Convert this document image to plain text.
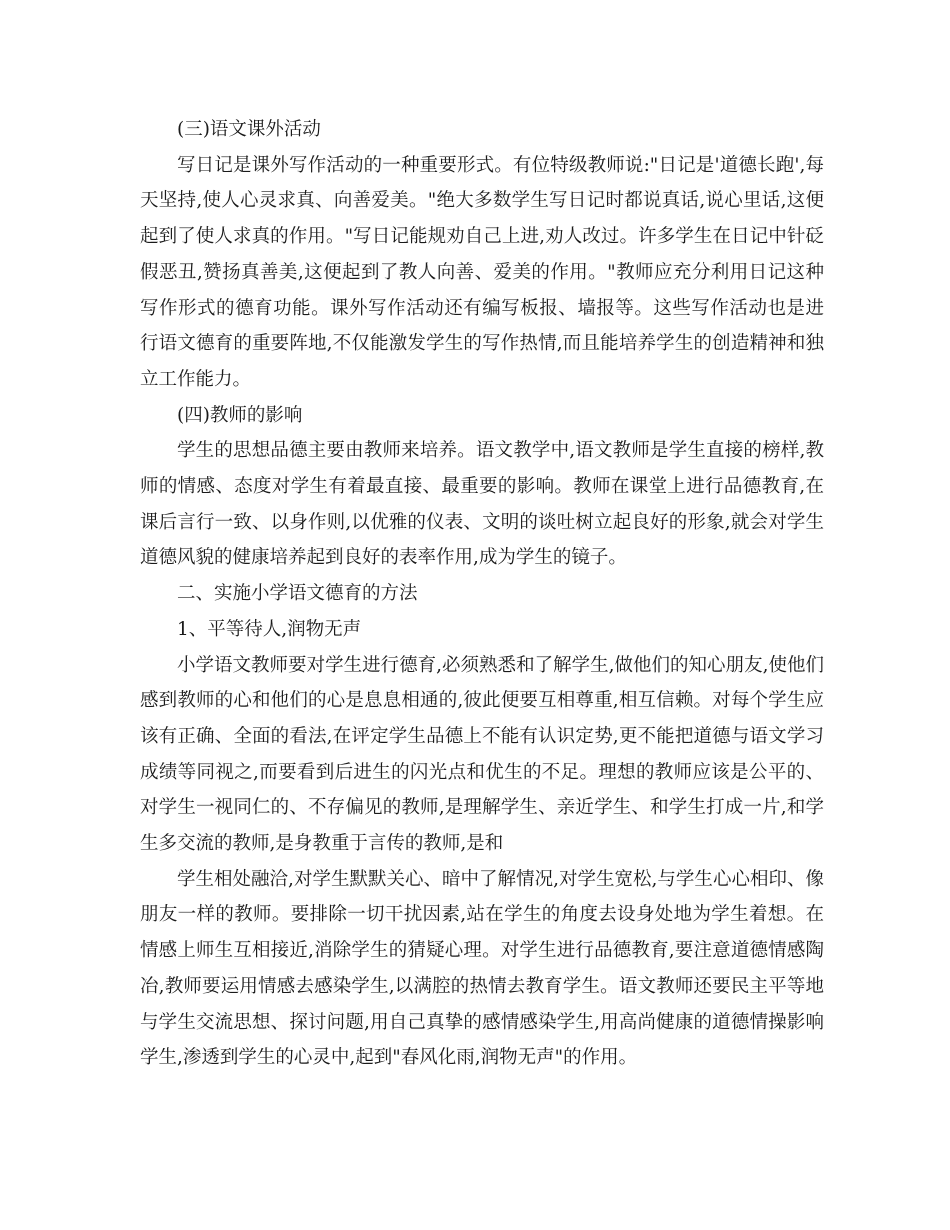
(三)语文课外活动

写日记是课外写作活动的一种重要形式。有位特级教师说:"日记是'道德长跑',每天坚持,使人心灵求真、向善爱美。"绝大多数学生写日记时都说真话,说心里话,这便起到了使人求真的作用。"写日记能规劝自己上进,劝人改过。许多学生在日记中针砭假恶丑,赞扬真善美,这便起到了教人向善、爱美的作用。"教师应充分利用日记这种写作形式的德育功能。课外写作活动还有编写板报、墙报等。这些写作活动也是进行语文德育的重要阵地,不仅能激发学生的写作热情,而且能培养学生的创造精神和独立工作能力。

(四)教师的影响

学生的思想品德主要由教师来培养。语文教学中,语文教师是学生直接的榜样,教师的情感、态度对学生有着最直接、最重要的影响。教师在课堂上进行品德教育,在课后言行一致、以身作则,以优雅的仪表、文明的谈吐树立起良好的形象,就会对学生道德风貌的健康培养起到良好的表率作用,成为学生的镜子。

二、实施小学语文德育的方法

1、平等待人,润物无声

小学语文教师要对学生进行德育,必须熟悉和了解学生,做他们的知心朋友,使他们感到教师的心和他们的心是息息相通的,彼此便要互相尊重,相互信赖。对每个学生应该有正确、全面的看法,在评定学生品德上不能有认识定势,更不能把道德与语文学习成绩等同视之,而要看到后进生的闪光点和优生的不足。理想的教师应该是公平的、对学生一视同仁的、不存偏见的教师,是理解学生、亲近学生、和学生打成一片,和学生多交流的教师,是身教重于言传的教师,是和

学生相处融洽,对学生默默关心、暗中了解情况,对学生宽松,与学生心心相印、像朋友一样的教师。要排除一切干扰因素,站在学生的角度去设身处地为学生着想。在情感上师生互相接近,消除学生的猜疑心理。对学生进行品德教育,要注意道德情感陶冶,教师要运用情感去感染学生,以满腔的热情去教育学生。语文教师还要民主平等地与学生交流思想、探讨问题,用自己真挚的感情感染学生,用高尚健康的道德情操影响学生,渗透到学生的心灵中,起到"春风化雨,润物无声"的作用。
